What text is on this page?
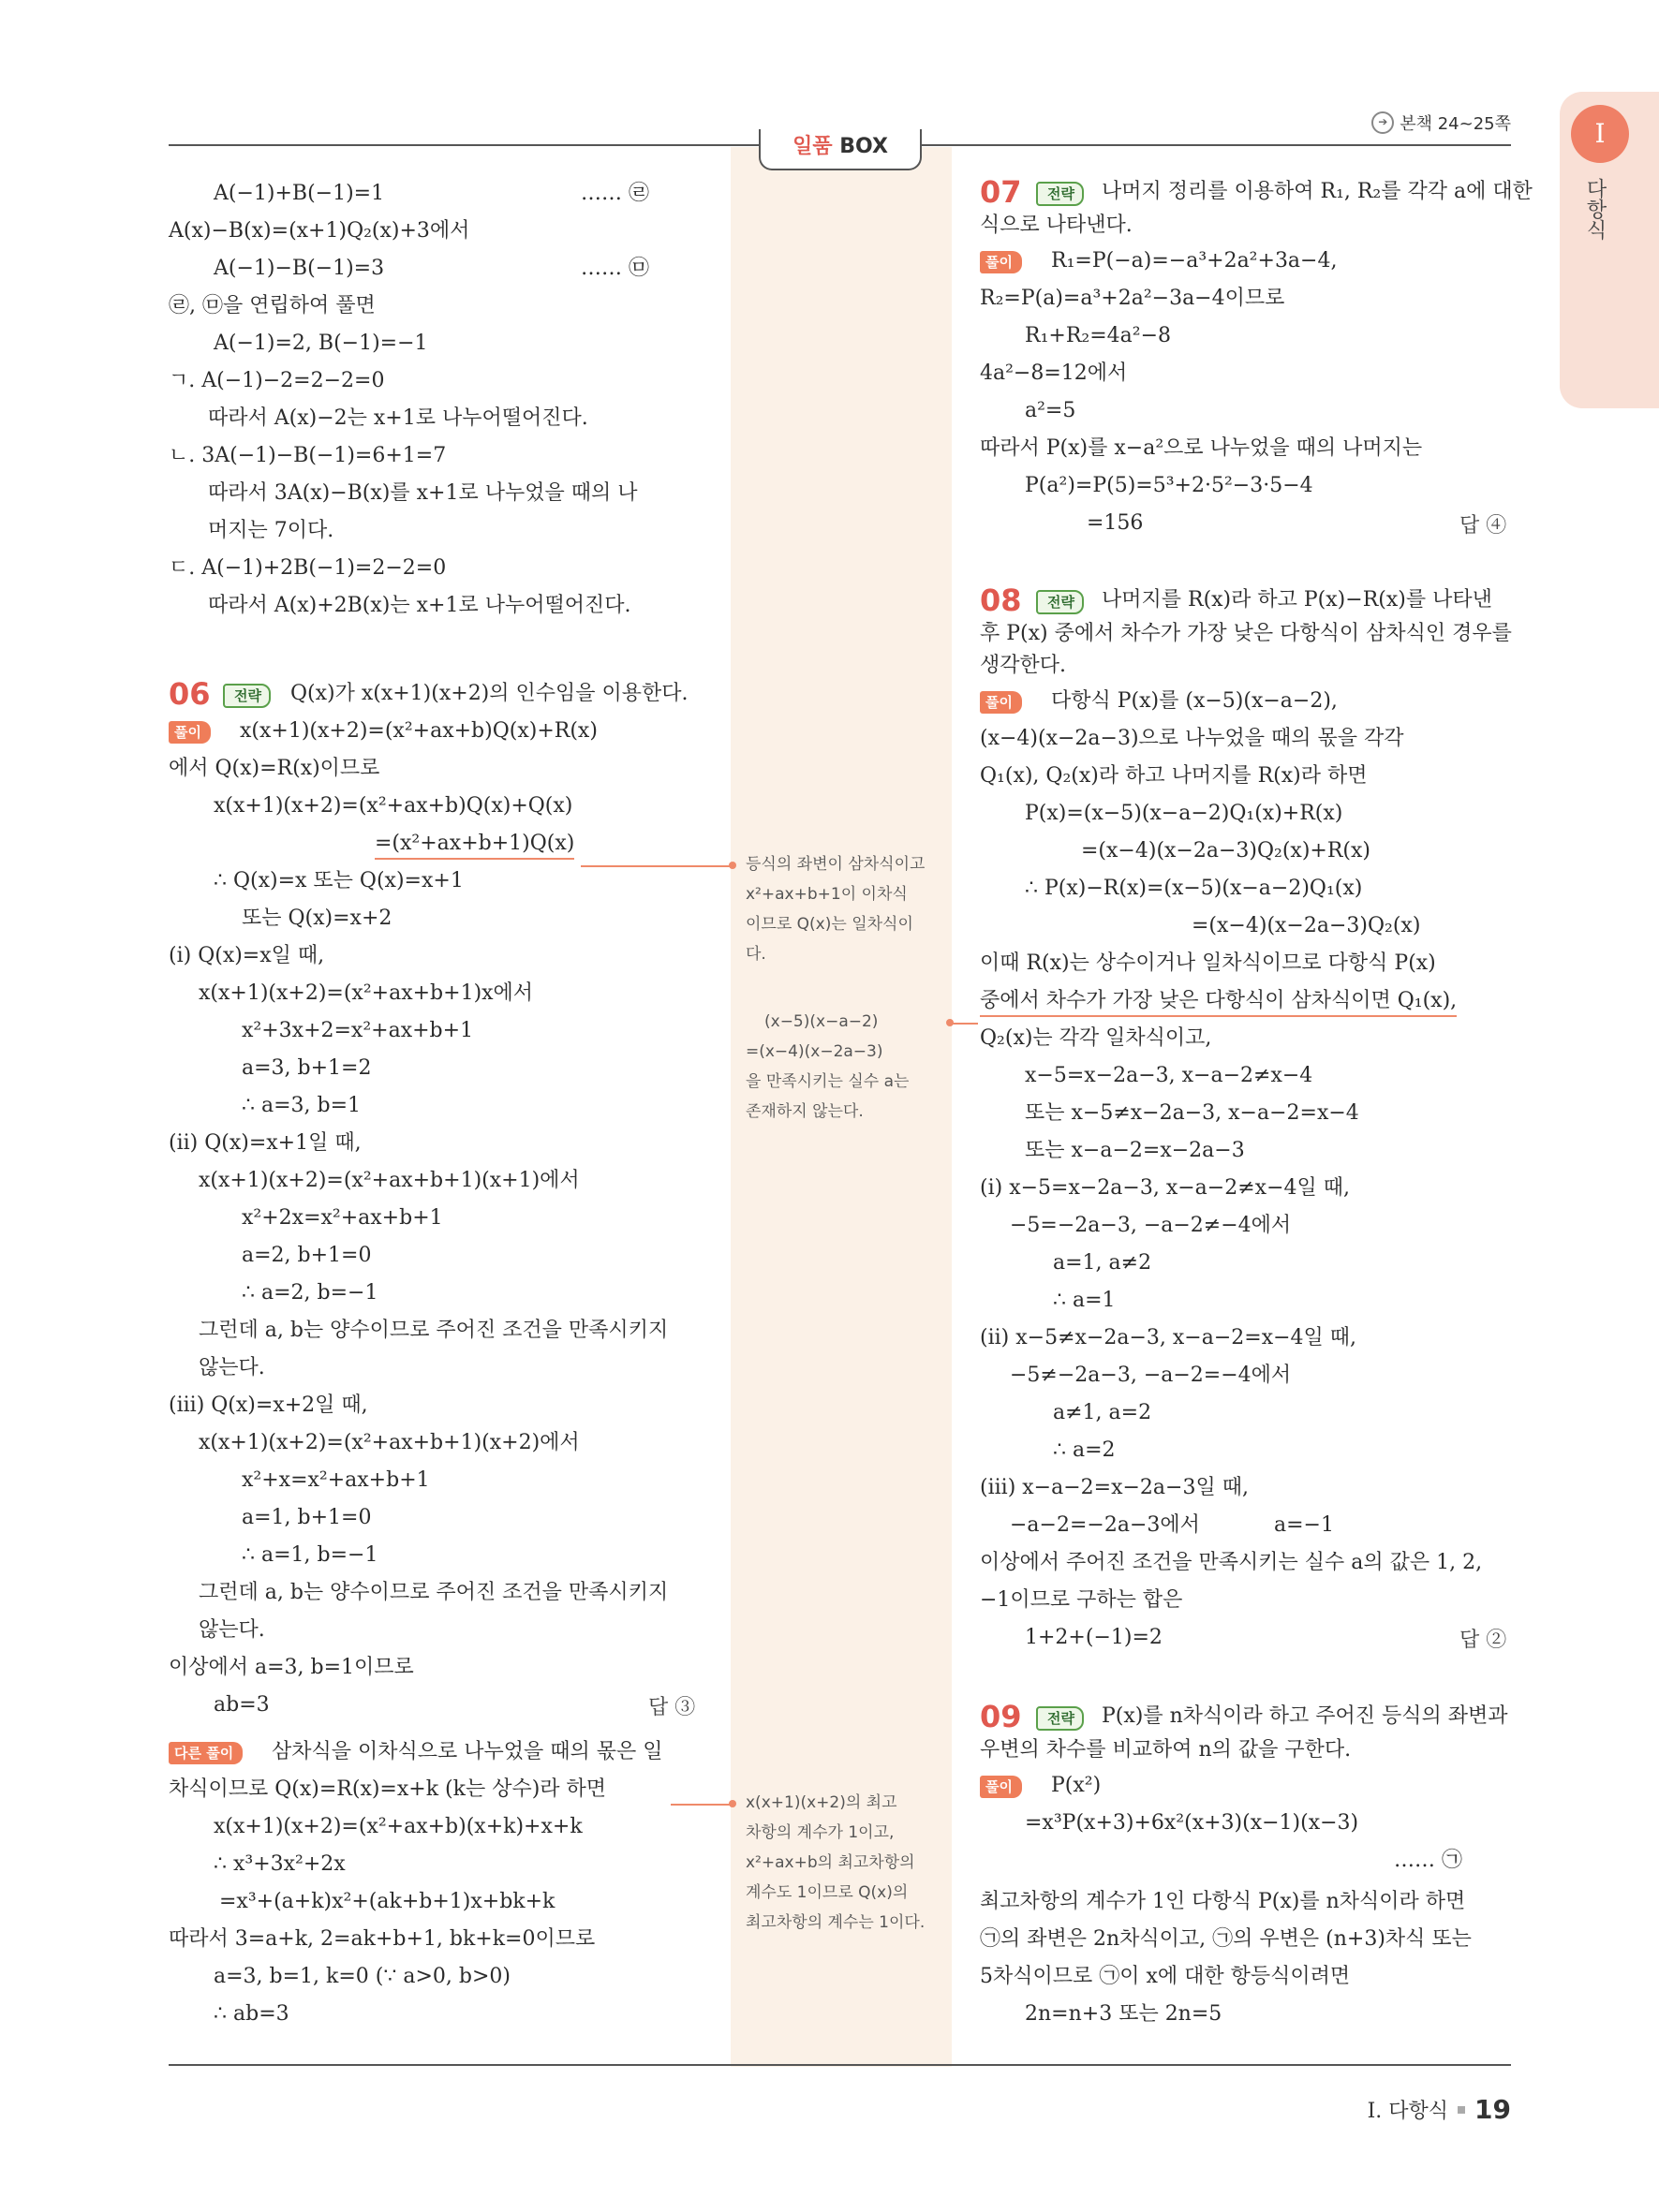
➔ 본책 24~25쪽
일품 BOX	I
다항식
A(−1)+B(−1)=1	…… ㉣
A(x)−B(x)=(x+1)Q₂(x)+3에서
A(−1)−B(−1)=3	…… ㉤
㉣, ㉤을 연립하여 풀면
A(−1)=2, B(−1)=−1
ㄱ. A(−1)−2=2−2=0
따라서 A(x)−2는 x+1로 나누어떨어진다.
ㄴ. 3A(−1)−B(−1)=6+1=7
따라서 3A(x)−B(x)를 x+1로 나누었을 때의 나
머지는 7이다.
ㄷ. A(−1)+2B(−1)=2−2=0
따라서 A(x)+2B(x)는 x+1로 나누어떨어진다.
06	전략	Q(x)가 x(x+1)(x+2)의 인수임을 이용한다.
풀이	x(x+1)(x+2)=(x²+ax+b)Q(x)+R(x)
에서 Q(x)=R(x)이므로
x(x+1)(x+2)=(x²+ax+b)Q(x)+Q(x)
=(x²+ax+b+1)Q(x)
∴ Q(x)=x 또는 Q(x)=x+1
또는 Q(x)=x+2
(i) Q(x)=x일 때,
x(x+1)(x+2)=(x²+ax+b+1)x에서
x²+3x+2=x²+ax+b+1
a=3, b+1=2
∴ a=3, b=1
(ii) Q(x)=x+1일 때,
x(x+1)(x+2)=(x²+ax+b+1)(x+1)에서
x²+2x=x²+ax+b+1
a=2, b+1=0
∴ a=2, b=−1
그런데 a, b는 양수이므로 주어진 조건을 만족시키지
않는다.
(iii) Q(x)=x+2일 때,
x(x+1)(x+2)=(x²+ax+b+1)(x+2)에서
x²+x=x²+ax+b+1
a=1, b+1=0
∴ a=1, b=−1
그런데 a, b는 양수이므로 주어진 조건을 만족시키지
않는다.
이상에서 a=3, b=1이므로
ab=3	답 ③
다른 풀이	삼차식을 이차식으로 나누었을 때의 몫은 일
차식이므로 Q(x)=R(x)=x+k (k는 상수)라 하면
x(x+1)(x+2)=(x²+ax+b)(x+k)+x+k
∴ x³+3x²+2x
=x³+(a+k)x²+(ak+b+1)x+bk+k
따라서 3=a+k, 2=ak+b+1, bk+k=0이므로
a=3, b=1, k=0 (∵ a>0, b>0)
∴ ab=3
등식의 좌변이 삼차식이고
x²+ax+b+1이 이차식
이므로 Q(x)는 일차식이
다.
(x−5)(x−a−2)
=(x−4)(x−2a−3)
을 만족시키는 실수 a는
존재하지 않는다.
x(x+1)(x+2)의 최고
차항의 계수가 1이고,
x²+ax+b의 최고차항의
계수도 1이므로 Q(x)의
최고차항의 계수는 1이다.
07	전략	나머지 정리를 이용하여 R₁, R₂를 각각 a에 대한
식으로 나타낸다.
풀이	R₁=P(−a)=−a³+2a²+3a−4,
R₂=P(a)=a³+2a²−3a−4이므로
R₁+R₂=4a²−8
4a²−8=12에서
a²=5
따라서 P(x)를 x−a²으로 나누었을 때의 나머지는
P(a²)=P(5)=5³+2·5²−3·5−4
=156	답 ④
08	전략	나머지를 R(x)라 하고 P(x)−R(x)를 나타낸
후 P(x) 중에서 차수가 가장 낮은 다항식이 삼차식인 경우를
생각한다.
풀이	다항식 P(x)를 (x−5)(x−a−2),
(x−4)(x−2a−3)으로 나누었을 때의 몫을 각각
Q₁(x), Q₂(x)라 하고 나머지를 R(x)라 하면
P(x)=(x−5)(x−a−2)Q₁(x)+R(x)
=(x−4)(x−2a−3)Q₂(x)+R(x)
∴ P(x)−R(x)=(x−5)(x−a−2)Q₁(x)
=(x−4)(x−2a−3)Q₂(x)
이때 R(x)는 상수이거나 일차식이므로 다항식 P(x)
중에서 차수가 가장 낮은 다항식이 삼차식이면 Q₁(x),
Q₂(x)는 각각 일차식이고,
x−5=x−2a−3, x−a−2≠x−4
또는 x−5≠x−2a−3, x−a−2=x−4
또는 x−a−2=x−2a−3
(i) x−5=x−2a−3, x−a−2≠x−4일 때,
−5=−2a−3, −a−2≠−4에서
a=1, a≠2
∴ a=1
(ii) x−5≠x−2a−3, x−a−2=x−4일 때,
−5≠−2a−3, −a−2=−4에서
a≠1, a=2
∴ a=2
(iii) x−a−2=x−2a−3일 때,
−a−2=−2a−3에서	a=−1
이상에서 주어진 조건을 만족시키는 실수 a의 값은 1, 2,
−1이므로 구하는 합은
1+2+(−1)=2	답 ②
09	전략	P(x)를 n차식이라 하고 주어진 등식의 좌변과
우변의 차수를 비교하여 n의 값을 구한다.
풀이	P(x²)
=x³P(x+3)+6x²(x+3)(x−1)(x−3)
…… ㉠
최고차항의 계수가 1인 다항식 P(x)를 n차식이라 하면
㉠의 좌변은 2n차식이고, ㉠의 우변은 (n+3)차식 또는
5차식이므로 ㉠이 x에 대한 항등식이려면
2n=n+3 또는 2n=5
I. 다항식 19
